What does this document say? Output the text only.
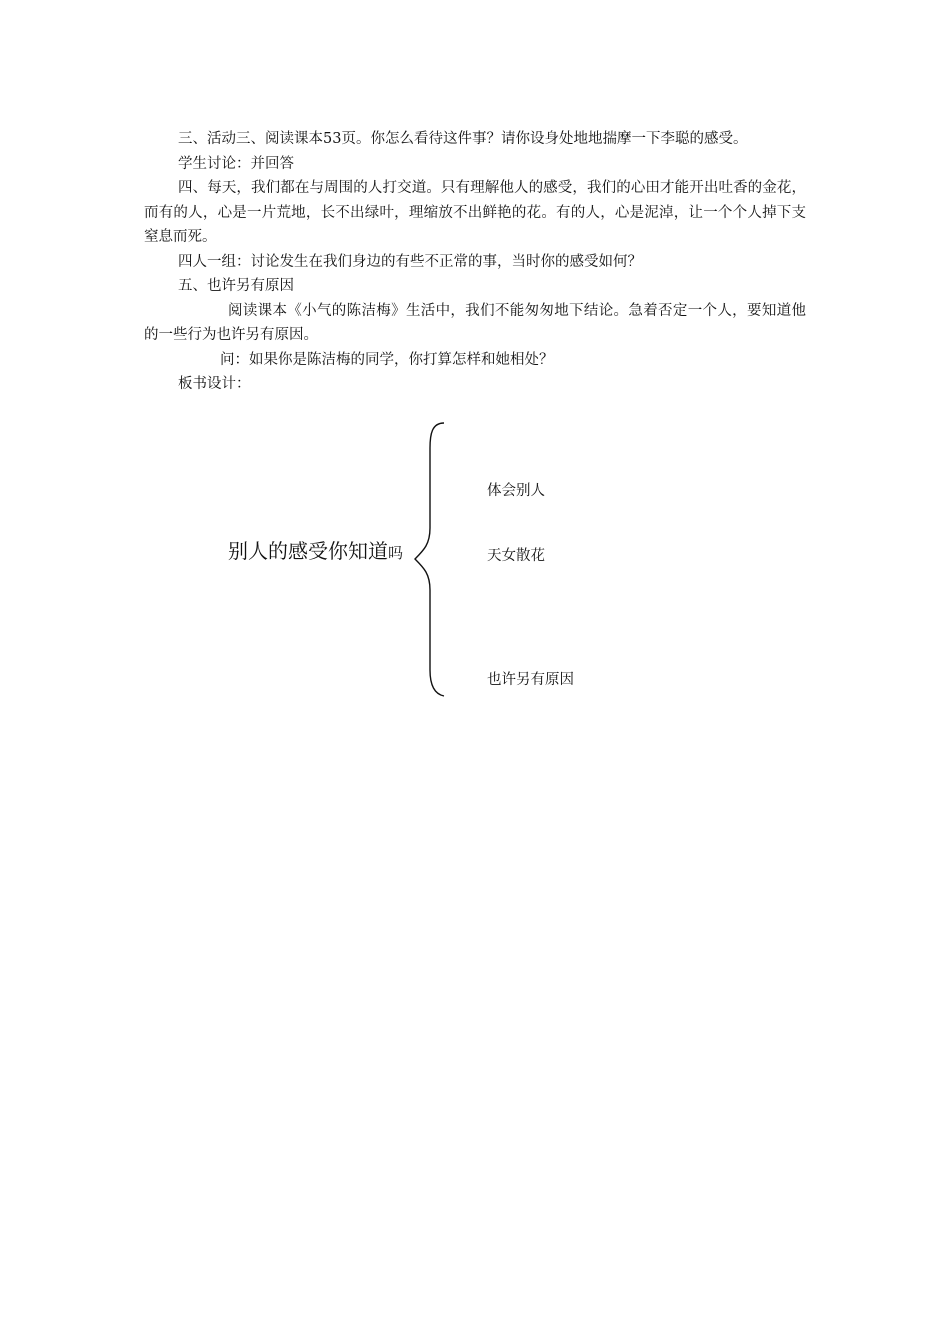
三、活动三、阅读课本53页。你怎么看待这件事？请你设身处地地揣摩一下李聪的感受。

学生讨论：并回答

四、每天，我们都在与周围的人打交道。只有理解他人的感受，我们的心田才能开出吐香的金花，而有的人，心是一片荒地，长不出绿叶，理缩放不出鲜艳的花。有的人，心是泥淖，让一个个人掉下支窒息而死。

四人一组：讨论发生在我们身边的有些不正常的事，当时你的感受如何？

五、也许另有原因

阅读课本《小气的陈洁梅》生活中，我们不能匆匆地下结论。急着否定一个人，要知道他的一些行为也许另有原因。

问：如果你是陈洁梅的同学，你打算怎样和她相处？

板书设计：

别人的感受你知道吗
体会别人
天女散花
也许另有原因
